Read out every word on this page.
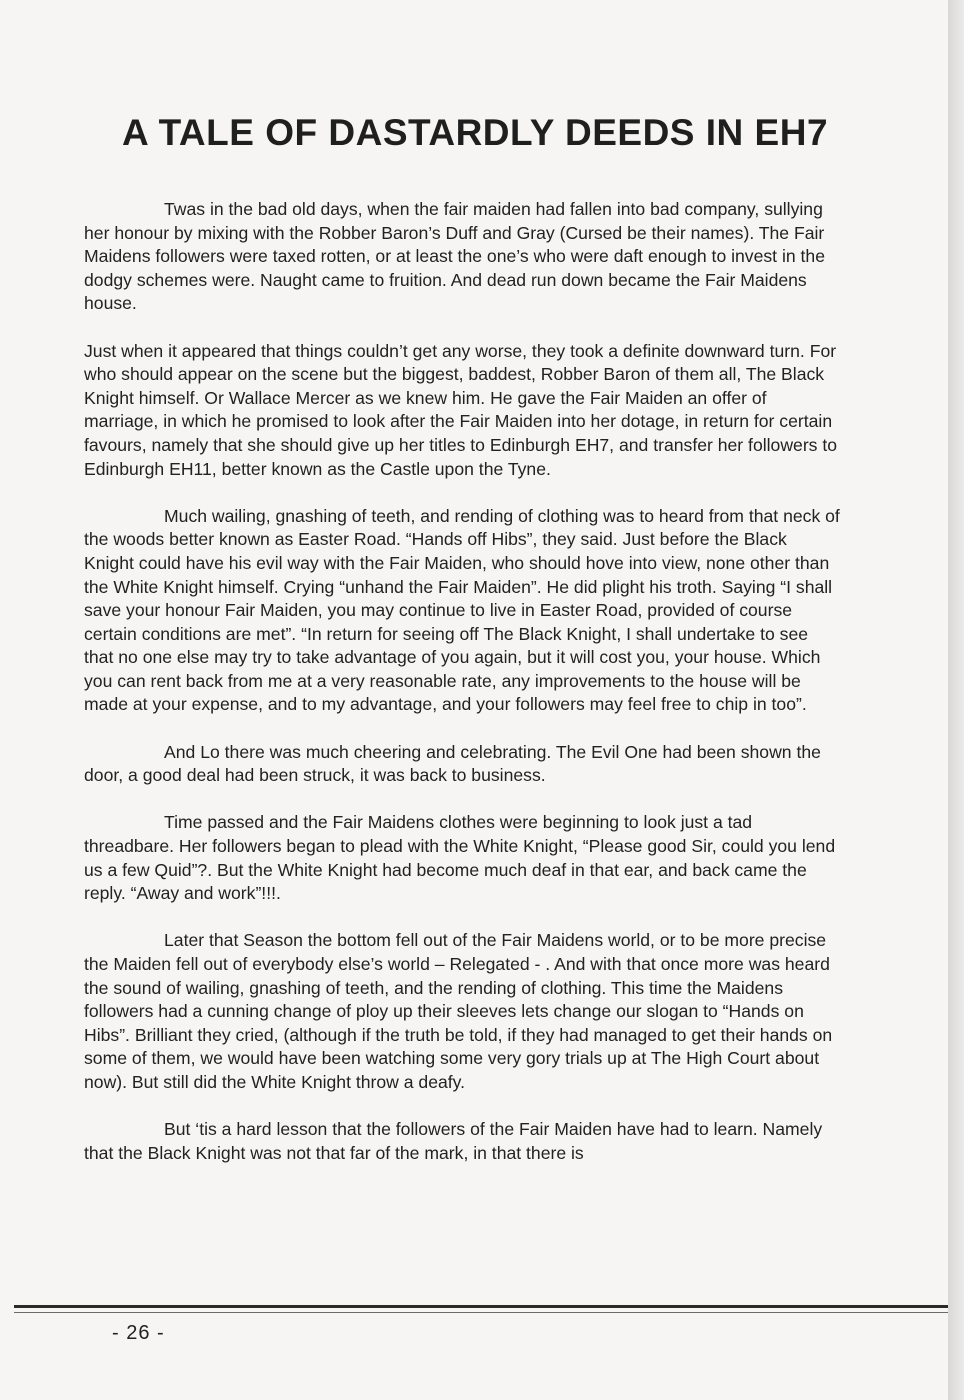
A TALE OF DASTARDLY DEEDS IN EH7

Twas in the bad old days, when the fair maiden had fallen into bad company, sullying her honour by mixing with the Robber Baron’s Duff and Gray (Cursed be their names). The Fair Maidens followers were taxed rotten, or at least the one’s who were daft enough to invest in the dodgy schemes were. Naught came to fruition. And dead run down became the Fair Maidens house.

Just when it appeared that things couldn’t get any worse, they took a definite downward turn. For who should appear on the scene but the biggest, baddest, Robber Baron of them all, The Black Knight himself. Or Wallace Mercer as we knew him. He gave the Fair Maiden an offer of marriage, in which he promised to look after the Fair Maiden into her dotage, in return for certain favours, namely that she should give up her titles to Edinburgh EH7, and transfer her followers to Edinburgh EH11, better known as the Castle upon the Tyne.

Much wailing, gnashing of teeth, and rending of clothing was to heard from that neck of the woods better known as Easter Road. “Hands off Hibs”, they said. Just before the Black Knight could have his evil way with the Fair Maiden, who should hove into view, none other than the White Knight himself. Crying “unhand the Fair Maiden”. He did plight his troth. Saying “I shall save your honour Fair Maiden, you may continue to live in Easter Road, provided of course certain conditions are met”. “In return for seeing off The Black Knight, I shall undertake to see that no one else may try to take advantage of you again, but it will cost you, your house. Which you can rent back from me at a very reasonable rate, any improvements to the house will be made at your expense, and to my advantage, and your followers may feel free to chip in too”.

And Lo there was much cheering and celebrating. The Evil One had been shown the door, a good deal had been struck, it was back to business.

Time passed and the Fair Maidens clothes were beginning to look just a tad threadbare. Her followers began to plead with the White Knight, “Please good Sir, could you lend us a few Quid”?. But the White Knight had become much deaf in that ear, and back came the reply. “Away and work”!!!.

Later that Season the bottom fell out of the Fair Maidens world, or to be more precise the Maiden fell out of everybody else’s world – Relegated - . And with that once more was heard the sound of wailing, gnashing of teeth, and the rending of clothing. This time the Maidens followers had a cunning change of ploy up their sleeves lets change our slogan to “Hands on Hibs”. Brilliant they cried, (although if the truth be told, if they had managed to get their hands on some of them, we would have been watching some very gory trials up at The High Court about now). But still did the White Knight throw a deafy.

But ‘tis a hard lesson that the followers of the Fair Maiden have had to learn. Namely that the Black Knight was not that far of the mark, in that there is

- 26 -
